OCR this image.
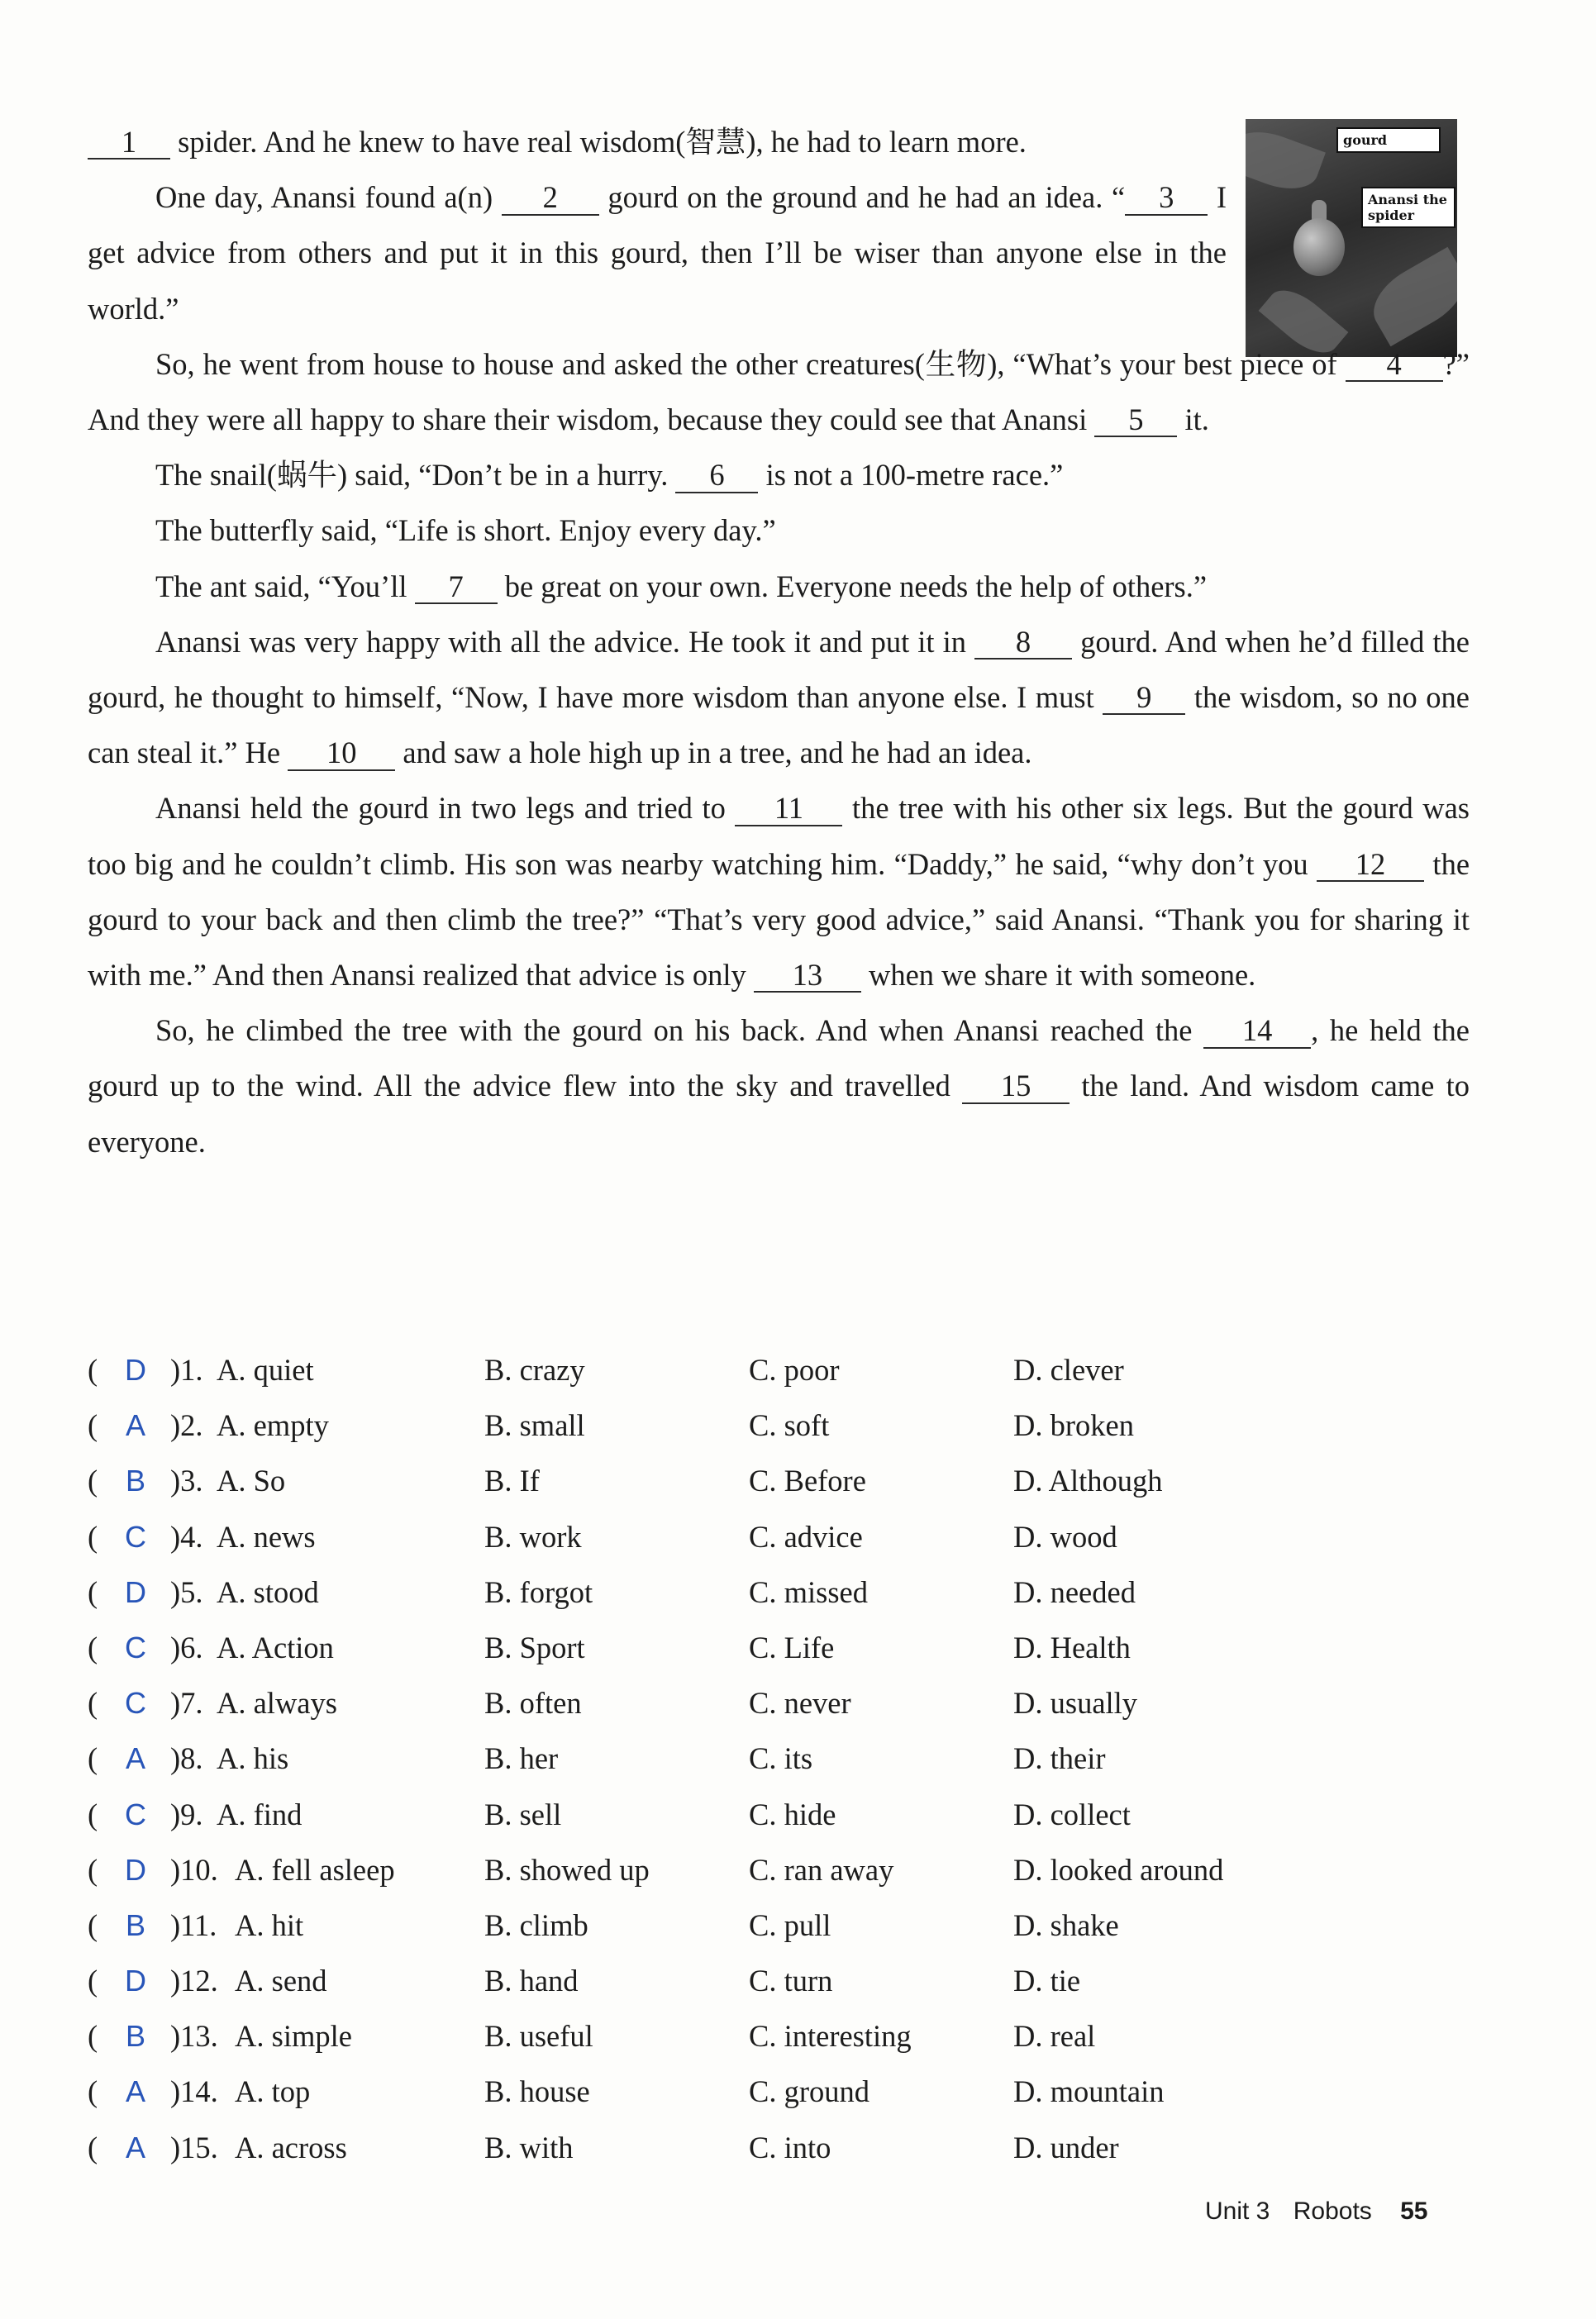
gourd
Anansi the spider

1 spider. And he knew to have real wisdom(智慧), he had to learn more.

One day, Anansi found a(n) 2 gourd on the ground and he had an idea. “ 3 I get advice from others and put it in this gourd, then I’ll be wiser than anyone else in the world.”

So, he went from house to house and asked the other creatures(生物), “What’s your best piece of 4 ?” And they were all happy to share their wisdom, because they could see that Anansi 5 it.

The snail(蜗牛) said, “Don’t be in a hurry. 6 is not a 100-metre race.”

The butterfly said, “Life is short. Enjoy every day.”

The ant said, “You’ll 7 be great on your own. Everyone needs the help of others.”

Anansi was very happy with all the advice. He took it and put it in 8 gourd. And when he’d filled the gourd, he thought to himself, “Now, I have more wisdom than anyone else. I must 9 the wisdom, so no one can steal it.” He 10 and saw a hole high up in a tree, and he had an idea.

Anansi held the gourd in two legs and tried to 11 the tree with his other six legs. But the gourd was too big and he couldn’t climb. His son was nearby watching him. “Daddy,” he said, “why don’t you 12 the gourd to your back and then climb the tree?” “That’s very good advice,” said Anansi. “Thank you for sharing it with me.” And then Anansi realized that advice is only 13 when we share it with someone.

So, he climbed the tree with the gourd on his back. And when Anansi reached the 14 , he held the gourd up to the wind. All the advice flew into the sky and travelled 15 the land. And wisdom came to everyone.

( D )1. A. quiet	B. crazy	C. poor	D. clever
( A )2. A. empty	B. small	C. soft	D. broken
( B )3. A. So	B. If	C. Before	D. Although
( C )4. A. news	B. work	C. advice	D. wood
( D )5. A. stood	B. forgot	C. missed	D. needed
( C )6. A. Action	B. Sport	C. Life	D. Health
( C )7. A. always	B. often	C. never	D. usually
( A )8. A. his	B. her	C. its	D. their
( C )9. A. find	B. sell	C. hide	D. collect
( D )10. A. fell asleep	B. showed up	C. ran away	D. looked around
( B )11. A. hit	B. climb	C. pull	D. shake
( D )12. A. send	B. hand	C. turn	D. tie
( B )13. A. simple	B. useful	C. interesting	D. real
( A )14. A. top	B. house	C. ground	D. mountain
( A )15. A. across	B. with	C. into	D. under
Unit 3 Robots 55
